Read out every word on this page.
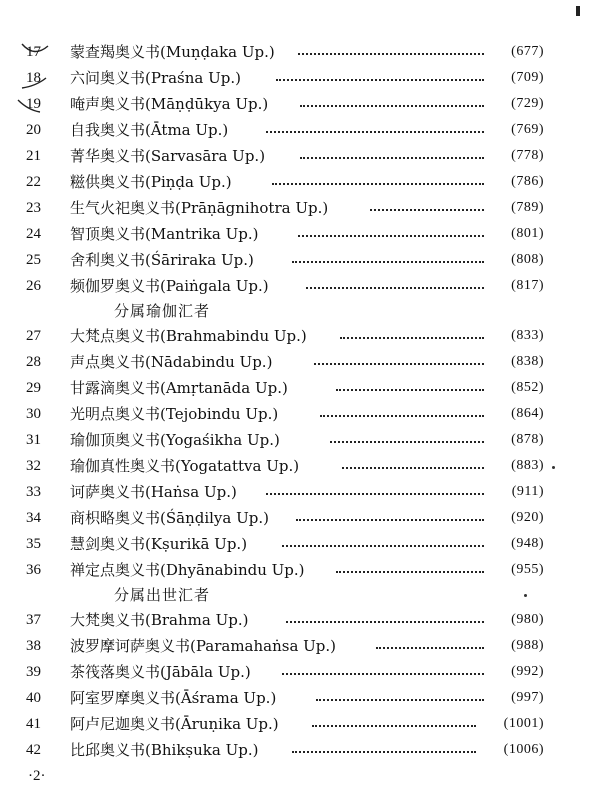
17	蒙查羯奥义书(Muṇḍaka Up.)	(677)
18	六问奥义书(Praśna Up.)	(709)
19	唵声奥义书(Māṇḍūkya Up.)	(729)
20	自我奥义书(Ātma Up.)	(769)
21	菁华奥义书(Sarvasāra Up.)	(778)
22	糍供奥义书(Piṇḍa Up.)	(786)
23	生气火祀奥义书(Prāṇāgnihotra Up.)	(789)
24	智顶奥义书(Mantrika Up.)	(801)
25	舍利奥义书(Śāriraka Up.)	(808)
26	频伽罗奥义书(Paiṅgala Up.)	(817)
分属瑜伽汇者
27	大梵点奥义书(Brahmabindu Up.)	(833)
28	声点奥义书(Nādabindu Up.)	(838)
29	甘露滴奥义书(Amṛtanāda Up.)	(852)
30	光明点奥义书(Tejobindu Up.)	(864)
31	瑜伽顶奥义书(Yogaśikha Up.)	(878)
32	瑜伽真性奥义书(Yogatattva Up.)	(883)
33	诃萨奥义书(Haṅsa Up.)	(911)
34	商枳略奥义书(Śāṇḍilya Up.)	(920)
35	慧剑奥义书(Kṣurikā Up.)	(948)
36	禅定点奥义书(Dhyānabindu Up.)	(955)
分属出世汇者
37	大梵奥义书(Brahma Up.)	(980)
38	波罗摩诃萨奥义书(Paramahaṅsa Up.)	(988)
39	茶筏落奥义书(Jābāla Up.)	(992)
40	阿室罗摩奥义书(Āśrama Up.)	(997)
41	阿卢尼迦奥义书(Āruṇika Up.)	(1001)
42	比邱奥义书(Bhikṣuka Up.)	(1006)
·2·
